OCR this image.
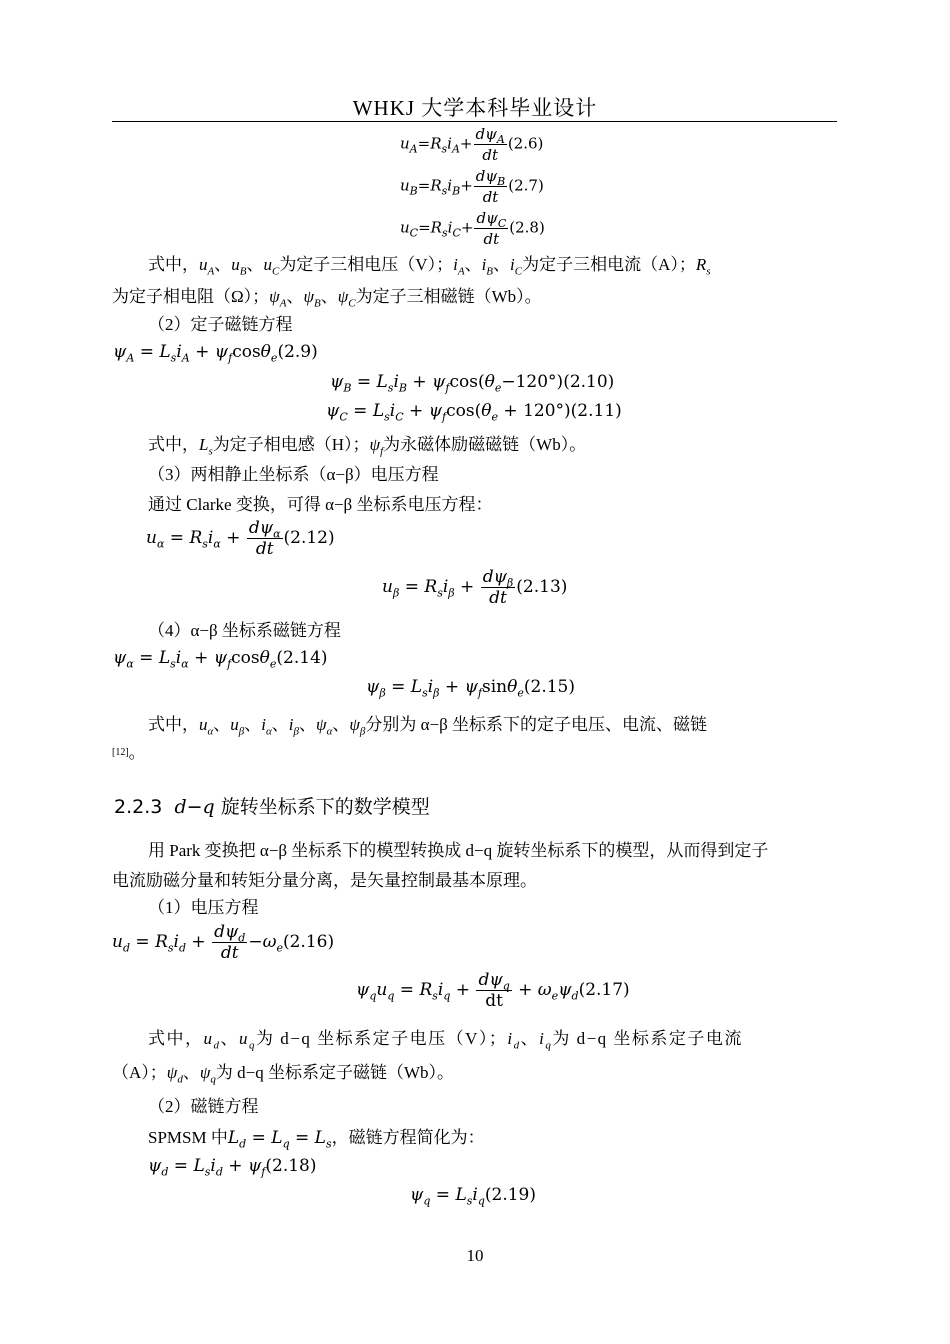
WHKJ 大学本科毕业设计
$u_A=R_si_A+ \frac{d\psi_A}{dt} (2.6)$
$u_B=R_si_B+ \frac{d\psi_B}{dt} (2.7)$
$u_C=R_si_C+ \frac{d\psi_C}{dt} (2.8)$
式中，$u_A$、$u_B$、$u_C$为定子三相电压（V）；$i_A$、$i_B$、$i_C$为定子三相电流（A）；$R_s$
为定子相电阻（Ω）；$\psi_A$、$\psi_B$、$\psi_C$为定子三相磁链（Wb）。
（2）定子磁链方程
$\psi_A = L_si_A + \psi_f\cos\theta_e(2.9)$
$\psi_B = L_si_B + \psi_f\cos(\theta_e-120^\circ)(2.10)$
$\psi_C = L_si_C + \psi_f\cos(\theta_e + 120^\circ)(2.11)$
式中，$L_s$为定子相电感（H）；$\psi_f$为永磁体励磁磁链（Wb）。
（3）两相静止坐标系（α−β）电压方程
通过 Clarke 变换，可得 α−β 坐标系电压方程：
$u_\alpha = R_si_\alpha + \frac{d\psi_\alpha}{dt} (2.12)$
$u_\beta = R_si_\beta + \frac{d\psi_\beta}{dt} (2.13)$
（4）α−β 坐标系磁链方程
$\psi_\alpha = L_si_\alpha + \psi_f\cos\theta_e(2.14)$
$\psi_\beta = L_si_\beta + \psi_f\sin\theta_e(2.15)$
式中，$u_\alpha$、$u_\beta$、$i_\alpha$、$i_\beta$、$\psi_\alpha$、$\psi_\beta$分别为 α−β 坐标系下的定子电压、电流、磁链
[12]。
2.2.3 d−q 旋转坐标系下的数学模型
用 Park 变换把 α−β 坐标系下的模型转换成 d−q 旋转坐标系下的模型，从而得到定子
电流励磁分量和转矩分量分离，是矢量控制最基本原理。
（1）电压方程
$u_d = R_si_d + \frac{d\psi_d}{dt} -\omega_e(2.16)$
$\psi_qu_q = R_si_q + \frac{d\psi_q}{dt} + \omega_e\psi_d(2.17)$
式中，$u_d$、$u_q$为 d−q 坐标系定子电压（V）；$i_d$、$i_q$为 d−q 坐标系定子电流
（A）；$\psi_d$、$\psi_q$为 d−q 坐标系定子磁链（Wb）。
（2）磁链方程
SPMSM 中$L_d = L_q = L_s$，磁链方程简化为：
$\psi_d = L_si_d + \psi_f(2.18)$
$\psi_q = L_si_q(2.19)$
10
